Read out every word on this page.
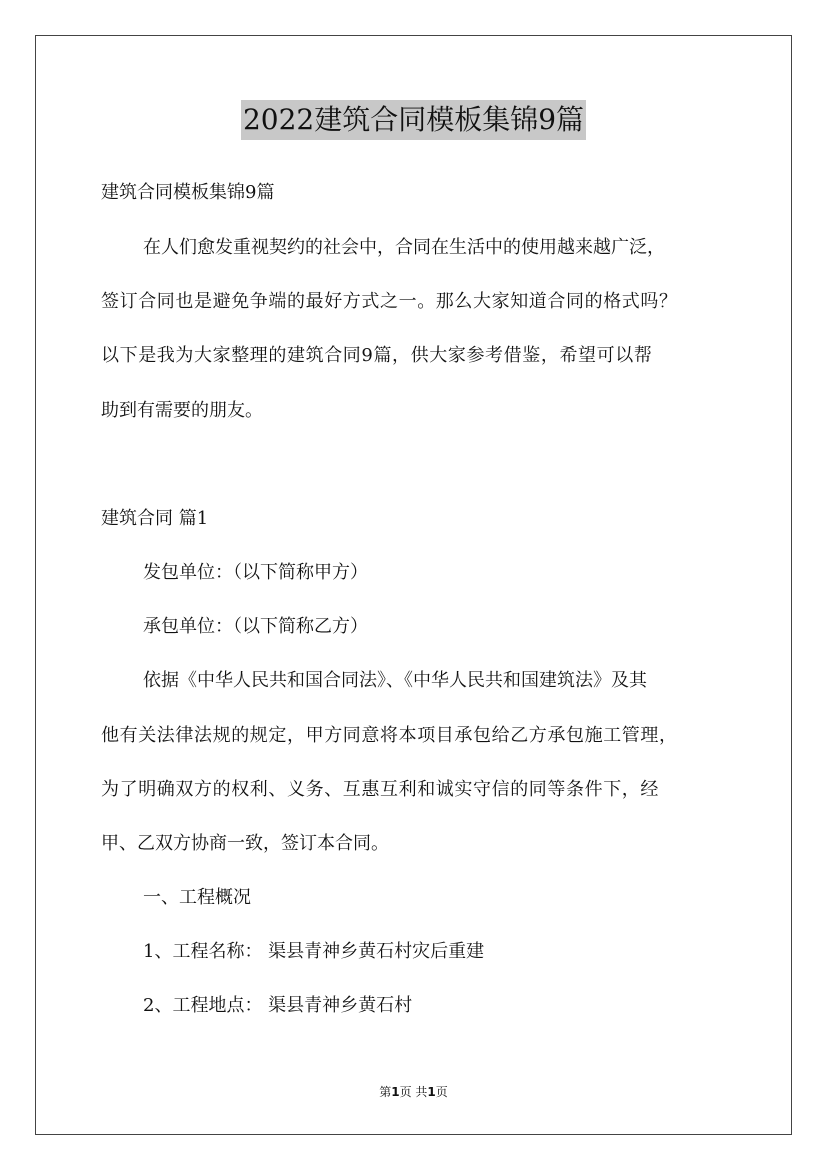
2022建筑合同模板集锦9篇
建筑合同模板集锦9篇
在人们愈发重视契约的社会中，合同在生活中的使用越来越广泛，
签订合同也是避免争端的最好方式之一。那么大家知道合同的格式吗？
以下是我为大家整理的建筑合同9篇，供大家参考借鉴，希望可以帮
助到有需要的朋友。
建筑合同 篇1
发包单位：（以下简称甲方）
承包单位：（以下简称乙方）
依据《中华人民共和国合同法》、《中华人民共和国建筑法》及其
他有关法律法规的规定，甲方同意将本项目承包给乙方承包施工管理，
为了明确双方的权利、义务、互惠互利和诚实守信的同等条件下，经
甲、乙双方协商一致，签订本合同。
一、工程概况
1、工程名称： 渠县青神乡黄石村灾后重建
2、工程地点： 渠县青神乡黄石村
第1页 共1页
